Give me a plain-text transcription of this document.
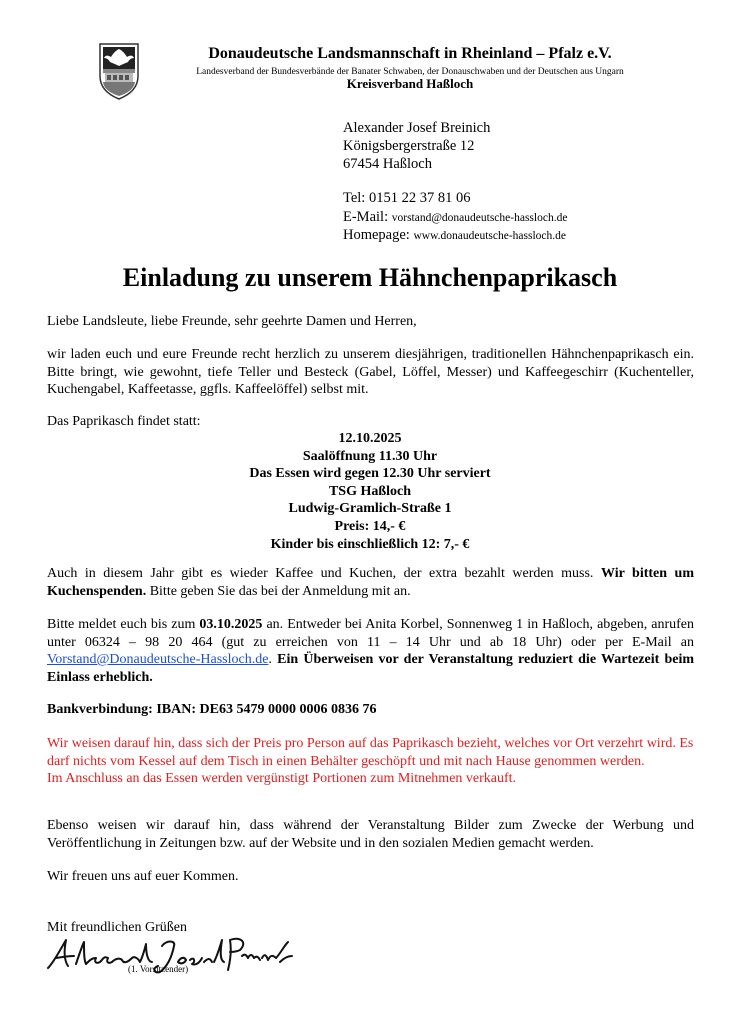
Donaudeutsche Landsmannschaft in Rheinland – Pfalz e.V.
Landesverband der Bundesverbände der Banater Schwaben, der Donauschwaben und der Deutschen aus Ungarn
Kreisverband Haßloch
Alexander Josef Breinich
Königsbergerstraße 12
67454 Haßloch
Tel: 0151 22 37 81 06
E-Mail: vorstand@donaudeutsche-hassloch.de
Homepage: www.donaudeutsche-hassloch.de
Einladung zu unserem Hähnchenpaprikasch
Liebe Landsleute, liebe Freunde, sehr geehrte Damen und Herren,
wir laden euch und eure Freunde recht herzlich zu unserem diesjährigen, traditionellen Hähnchenpaprikasch ein. Bitte bringt, wie gewohnt, tiefe Teller und Besteck (Gabel, Löffel, Messer) und Kaffeegeschirr (Kuchenteller, Kuchengabel, Kaffeetasse, ggfls. Kaffeelöffel) selbst mit.
Das Paprikasch findet statt:
12.10.2025
Saalöffnung 11.30 Uhr
Das Essen wird gegen 12.30 Uhr serviert
TSG Haßloch
Ludwig-Gramlich-Straße 1
Preis: 14,- €
Kinder bis einschließlich 12: 7,- €
Auch in diesem Jahr gibt es wieder Kaffee und Kuchen, der extra bezahlt werden muss. Wir bitten um Kuchenspenden. Bitte geben Sie das bei der Anmeldung mit an.
Bitte meldet euch bis zum 03.10.2025 an. Entweder bei Anita Korbel, Sonnenweg 1 in Haßloch, abgeben, anrufen unter 06324 – 98 20 464 (gut zu erreichen von 11 – 14 Uhr und ab 18 Uhr) oder per E-Mail an Vorstand@Donaudeutsche-Hassloch.de. Ein Überweisen vor der Veranstaltung reduziert die Wartezeit beim Einlass erheblich.
Bankverbindung: IBAN: DE63 5479 0000 0006 0836 76
Wir weisen darauf hin, dass sich der Preis pro Person auf das Paprikasch bezieht, welches vor Ort verzehrt wird. Es darf nichts vom Kessel auf dem Tisch in einen Behälter geschöpft und mit nach Hause genommen werden.
Im Anschluss an das Essen werden vergünstigt Portionen zum Mitnehmen verkauft.
Ebenso weisen wir darauf hin, dass während der Veranstaltung Bilder zum Zwecke der Werbung und Veröffentlichung in Zeitungen bzw. auf der Website und in den sozialen Medien gemacht werden.
Wir freuen uns auf euer Kommen.
Mit freundlichen Grüßen
(1. Vorsitzender)
